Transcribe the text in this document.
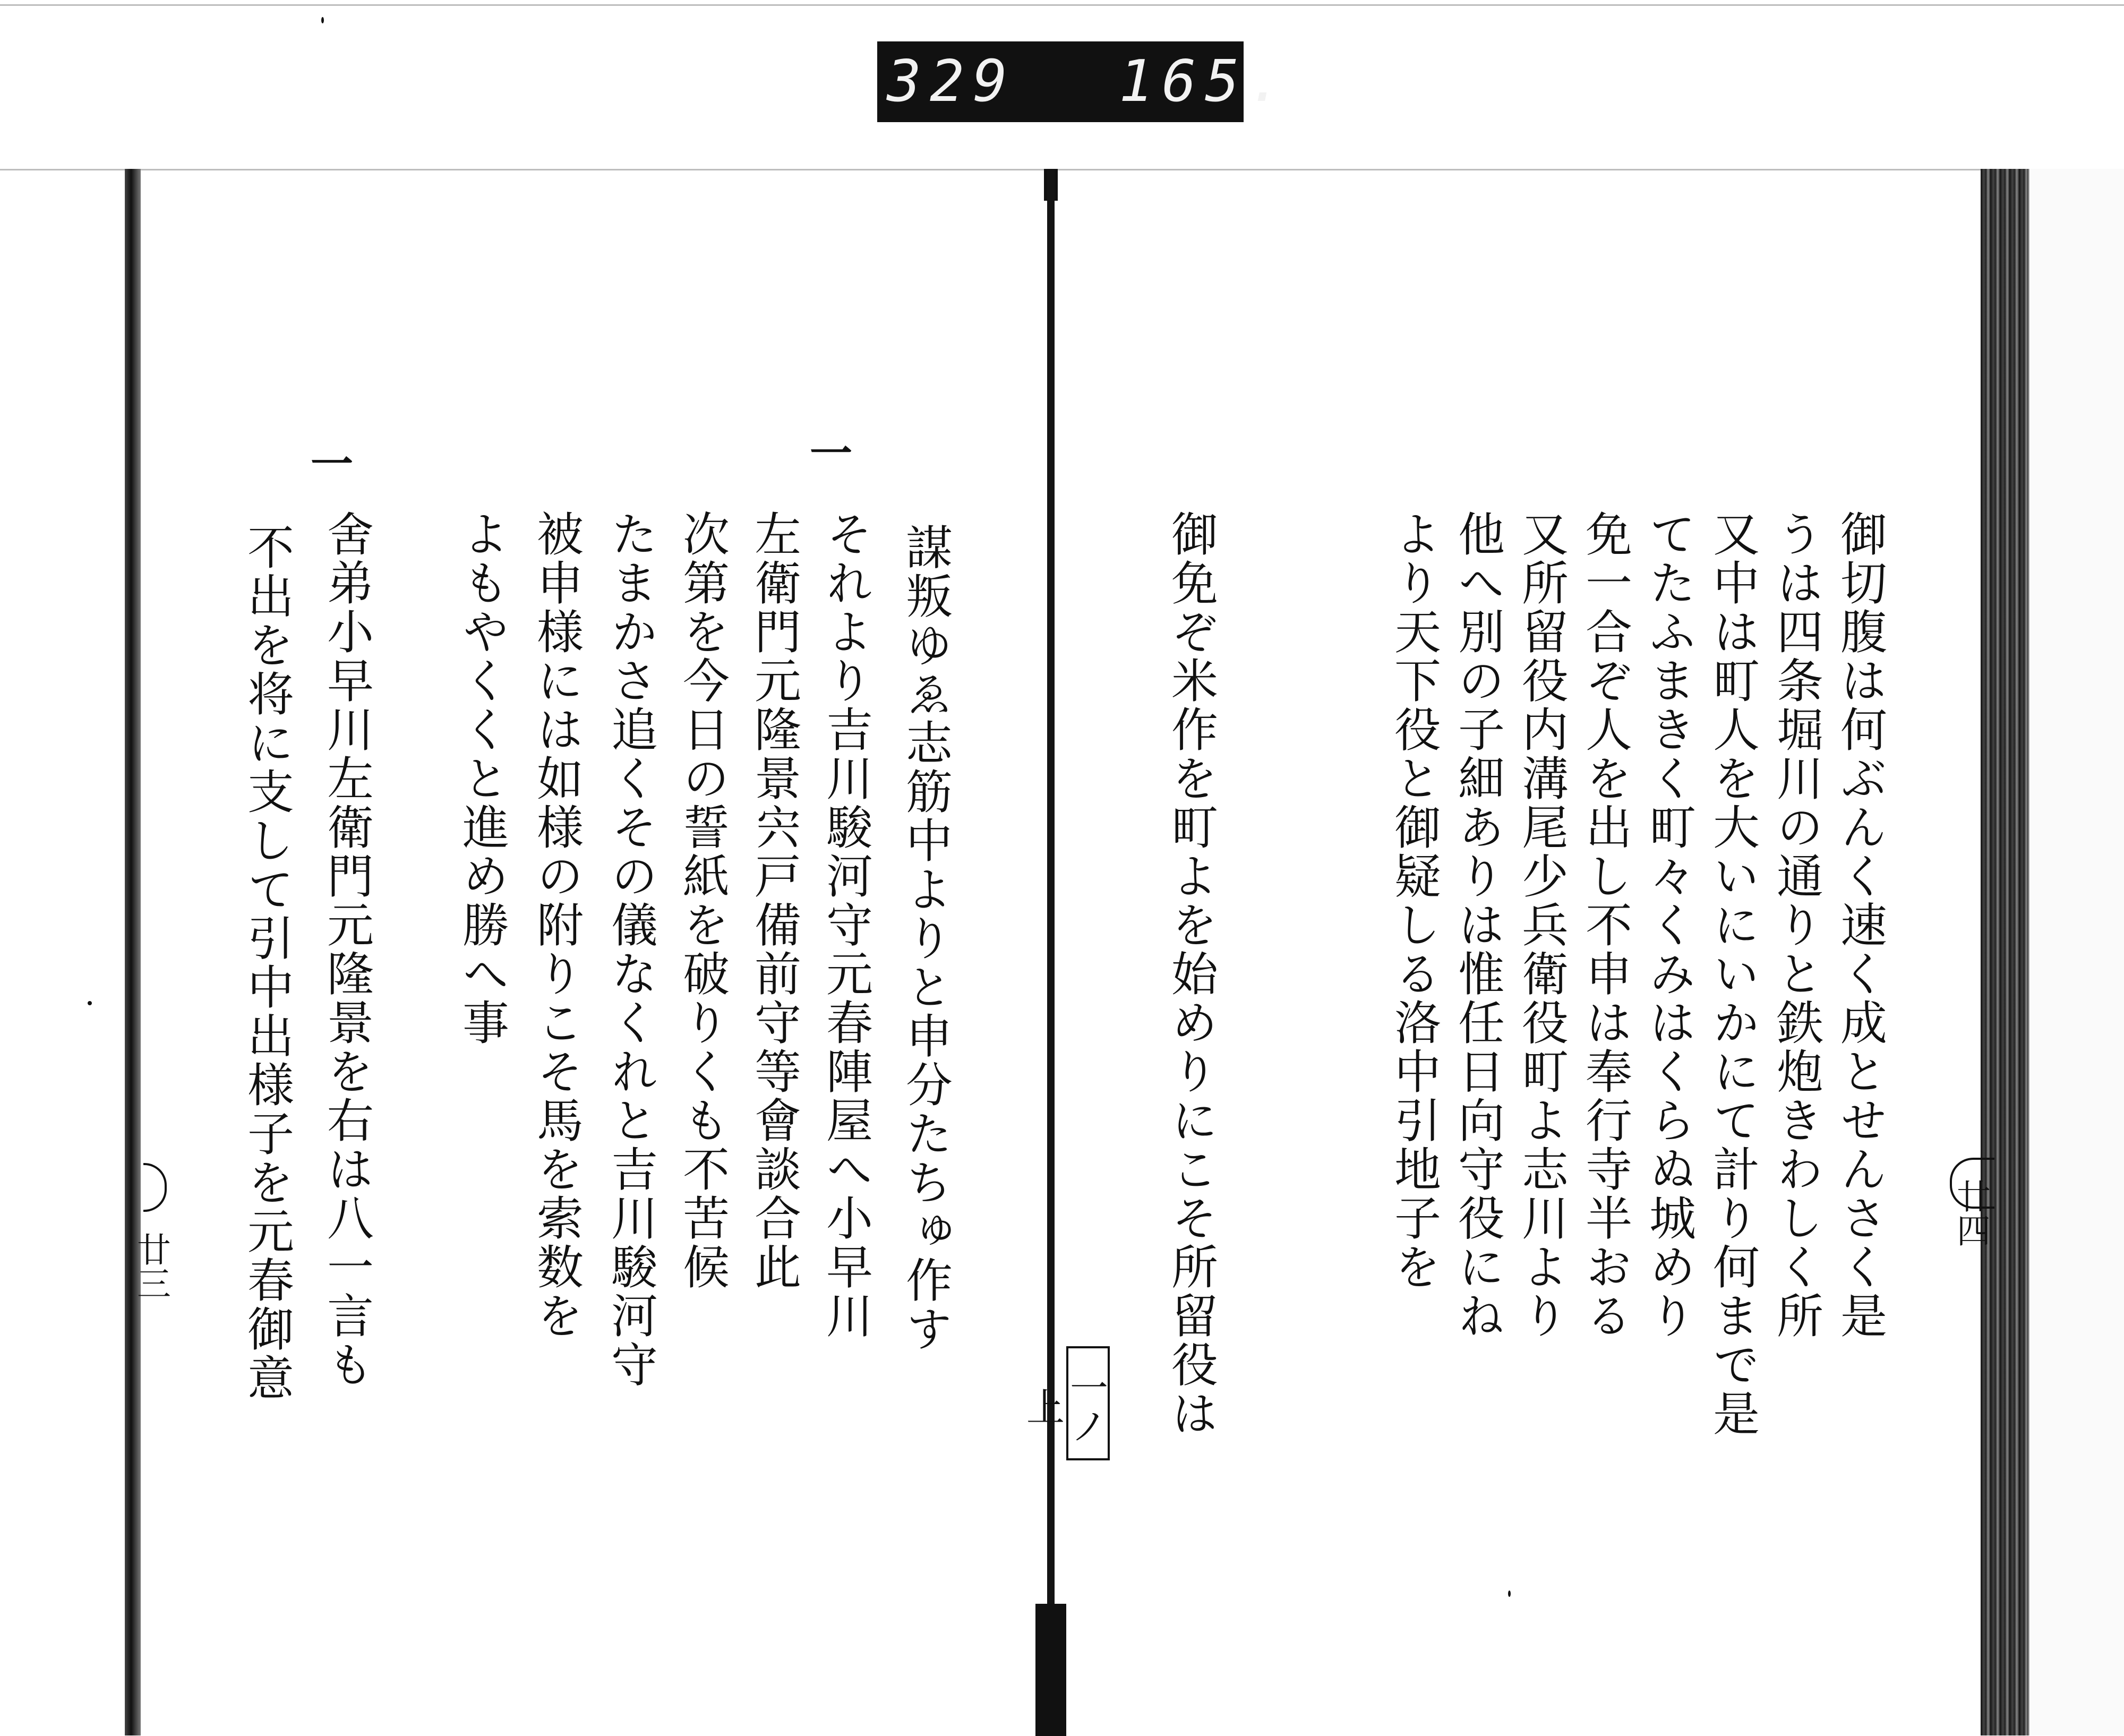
329 165.
御切腹は何ぶんく速く成とせんさく是
うは四条堀川の通りと鉄炮きわしく所
又中は町人を大いにいかにて計り何まで是
てたふまきく町々くみはくらぬ城めり
免一合ぞ人を出し不申は奉行寺半おる
又所留役内溝尾少兵衛役町よ志川より
他へ別の子細ありは惟任日向守役にね
より天下役と御疑しる洛中引地子を
御免ぞ米作を町よを始めりにこそ所留役は
一ノ上
廿四
謀叛ゆゑ志筋中よりと申分たちゅ作す
一
それより吉川駿河守元春陣屋へ小早川
左衛門元隆景宍戸備前守等會談合此
次第を今日の誓紙を破りくも不苦候
たまかさ追くその儀なくれと吉川駿河守
被申様には如様の附りこそ馬を索数を
よもやくくと進め勝へ事
一
舍弟小早川左衛門元隆景を右は八一言も
不出を将に支して引中出様子を元春御意
廿三
